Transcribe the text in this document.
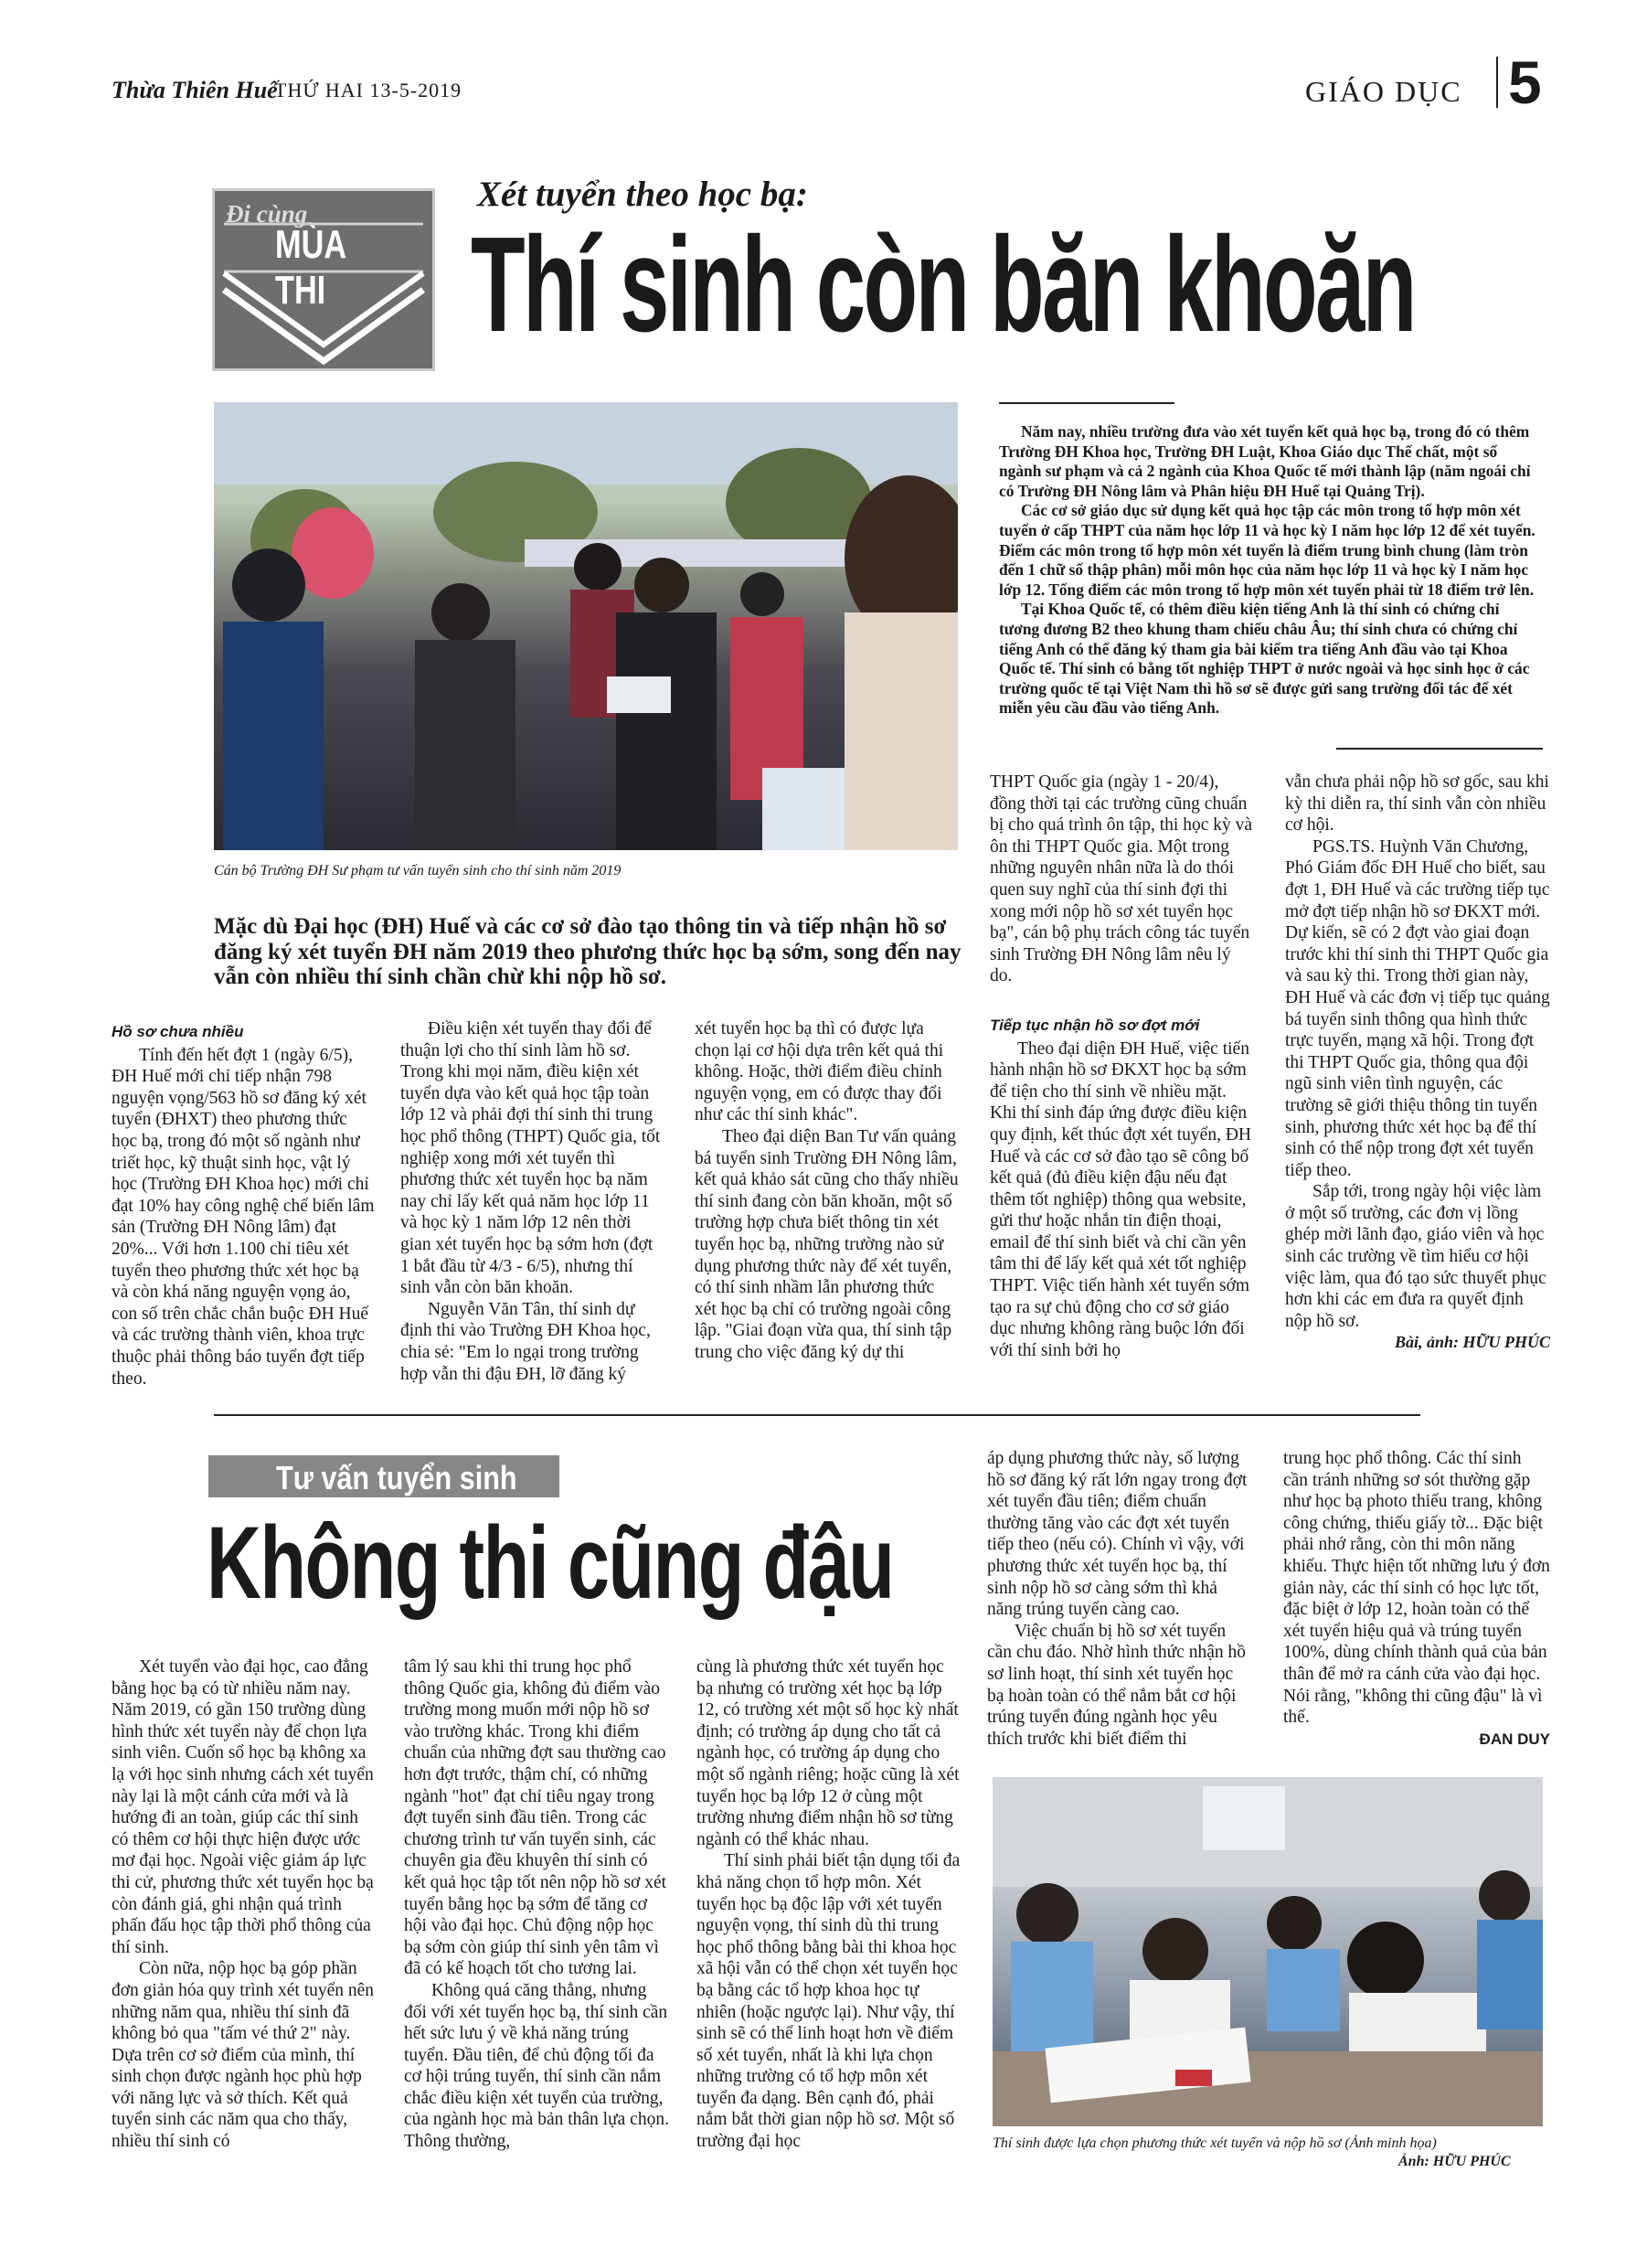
Thừa Thiên Huế
THỨ HAI 13-5-2019	GIÁO DỤC 5
Đi cùng
MÙA THI
Xét tuyển theo học bạ:
Thí sinh còn băn khoăn
Cán bộ Trường ĐH Sư phạm tư vấn tuyển sinh cho thí sinh năm 2019

Năm nay, nhiều trường đưa vào xét tuyển kết quả học bạ, trong đó có thêm Trường ĐH Khoa học, Trường ĐH Luật, Khoa Giáo dục Thể chất, một số ngành sư phạm và cả 2 ngành của Khoa Quốc tế mới thành lập (năm ngoái chỉ có Trường ĐH Nông lâm và Phân hiệu ĐH Huế tại Quảng Trị).

Các cơ sở giáo dục sử dụng kết quả học tập các môn trong tổ hợp môn xét tuyển ở cấp THPT của năm học lớp 11 và học kỳ I năm học lớp 12 để xét tuyển. Điểm các môn trong tổ hợp môn xét tuyển là điểm trung bình chung (làm tròn đến 1 chữ số thập phân) mỗi môn học của năm học lớp 11 và học kỳ I năm học lớp 12. Tổng điểm các môn trong tổ hợp môn xét tuyển phải từ 18 điểm trở lên.

Tại Khoa Quốc tế, có thêm điều kiện tiếng Anh là thí sinh có chứng chỉ tương đương B2 theo khung tham chiếu châu Âu; thí sinh chưa có chứng chỉ tiếng Anh có thể đăng ký tham gia bài kiểm tra tiếng Anh đầu vào tại Khoa Quốc tế. Thí sinh có bằng tốt nghiệp THPT ở nước ngoài và học sinh học ở các trường quốc tế tại Việt Nam thì hồ sơ sẽ được gửi sang trường đối tác để xét miễn yêu cầu đầu vào tiếng Anh.

Mặc dù Đại học (ĐH) Huế và các cơ sở đào tạo thông tin và tiếp nhận hồ sơ đăng ký xét tuyển ĐH năm 2019 theo phương thức học bạ sớm, song đến nay vẫn còn nhiều thí sinh chần chừ khi nộp hồ sơ.
Hồ sơ chưa nhiều

Tính đến hết đợt 1 (ngày 6/5), ĐH Huế mới chỉ tiếp nhận 798 nguyện vọng/563 hồ sơ đăng ký xét tuyển (ĐHXT) theo phương thức học bạ, trong đó một số ngành như triết học, kỹ thuật sinh học, vật lý học (Trường ĐH Khoa học) mới chỉ đạt 10% hay công nghệ chế biến lâm sản (Trường ĐH Nông lâm) đạt 20%... Với hơn 1.100 chỉ tiêu xét tuyển theo phương thức xét học bạ và còn khá năng nguyện vọng ảo, con số trên chắc chắn buộc ĐH Huế và các trường thành viên, khoa trực thuộc phải thông báo tuyển đợt tiếp theo.

Điều kiện xét tuyển thay đổi để thuận lợi cho thí sinh làm hồ sơ. Trong khi mọi năm, điều kiện xét tuyển dựa vào kết quả học tập toàn lớp 12 và phải đợi thí sinh thi trung học phổ thông (THPT) Quốc gia, tốt nghiệp xong mới xét tuyển thì phương thức xét tuyển học bạ năm nay chỉ lấy kết quả năm học lớp 11 và học kỳ 1 năm lớp 12 nên thời gian xét tuyển học bạ sớm hơn (đợt 1 bắt đầu từ 4/3 - 6/5), nhưng thí sinh vẫn còn băn khoăn.

Nguyễn Văn Tân, thí sinh dự định thi vào Trường ĐH Khoa học, chia sẻ: "Em lo ngại trong trường hợp vẫn thi đậu ĐH, lỡ đăng ký

xét tuyển học bạ thì có được lựa chọn lại cơ hội dựa trên kết quả thi không. Hoặc, thời điểm điều chỉnh nguyện vọng, em có được thay đổi như các thí sinh khác".

Theo đại diện Ban Tư vấn quảng bá tuyển sinh Trường ĐH Nông lâm, kết quả khảo sát cũng cho thấy nhiều thí sinh đang còn băn khoăn, một số trường hợp chưa biết thông tin xét tuyển học bạ, những trường nào sử dụng phương thức này để xét tuyển, có thí sinh nhầm lẫn phương thức xét học bạ chỉ có trường ngoài công lập. "Giai đoạn vừa qua, thí sinh tập trung cho việc đăng ký dự thi

THPT Quốc gia (ngày 1 - 20/4), đồng thời tại các trường cũng chuẩn bị cho quá trình ôn tập, thi học kỳ và ôn thi THPT Quốc gia. Một trong những nguyên nhân nữa là do thói quen suy nghĩ của thí sinh đợi thi xong mới nộp hồ sơ xét tuyển học bạ", cán bộ phụ trách công tác tuyển sinh Trường ĐH Nông lâm nêu lý do.

Tiếp tục nhận hồ sơ đợt mới

Theo đại diện ĐH Huế, việc tiến hành nhận hồ sơ ĐKXT học bạ sớm để tiện cho thí sinh về nhiều mặt. Khi thí sinh đáp ứng được điều kiện quy định, kết thúc đợt xét tuyển, ĐH Huế và các cơ sở đào tạo sẽ công bố kết quả (đủ điều kiện đậu nếu đạt thêm tốt nghiệp) thông qua website, gửi thư hoặc nhắn tin điện thoại, email để thí sinh biết và chỉ cần yên tâm thi để lấy kết quả xét tốt nghiệp THPT. Việc tiến hành xét tuyển sớm tạo ra sự chủ động cho cơ sở giáo dục nhưng không ràng buộc lớn đối với thí sinh bởi họ

vẫn chưa phải nộp hồ sơ gốc, sau khi kỳ thi diễn ra, thí sinh vẫn còn nhiều cơ hội.

PGS.TS. Huỳnh Văn Chương, Phó Giám đốc ĐH Huế cho biết, sau đợt 1, ĐH Huế và các trường tiếp tục mở đợt tiếp nhận hồ sơ ĐKXT mới. Dự kiến, sẽ có 2 đợt vào giai đoạn trước khi thí sinh thi THPT Quốc gia và sau kỳ thi. Trong thời gian này, ĐH Huế và các đơn vị tiếp tục quảng bá tuyển sinh thông qua hình thức trực tuyến, mạng xã hội. Trong đợt thi THPT Quốc gia, thông qua đội ngũ sinh viên tình nguyện, các trường sẽ giới thiệu thông tin tuyển sinh, phương thức xét học bạ để thí sinh có thể nộp trong đợt xét tuyển tiếp theo.

Sắp tới, trong ngày hội việc làm ở một số trường, các đơn vị lồng ghép mời lãnh đạo, giáo viên và học sinh các trường về tìm hiểu cơ hội việc làm, qua đó tạo sức thuyết phục hơn khi các em đưa ra quyết định nộp hồ sơ.

Bài, ảnh: HỮU PHÚC
Tư vấn tuyển sinh
Không thi cũng đậu

Xét tuyển vào đại học, cao đẳng bằng học bạ có từ nhiều năm nay. Năm 2019, có gần 150 trường dùng hình thức xét tuyển này để chọn lựa sinh viên. Cuốn sổ học bạ không xa lạ với học sinh nhưng cách xét tuyển này lại là một cánh cửa mới và là hướng đi an toàn, giúp các thí sinh có thêm cơ hội thực hiện được ước mơ đại học. Ngoài việc giảm áp lực thi cử, phương thức xét tuyển học bạ còn đánh giá, ghi nhận quá trình phấn đấu học tập thời phổ thông của thí sinh.

Còn nữa, nộp học bạ góp phần đơn giản hóa quy trình xét tuyển nên những năm qua, nhiều thí sinh đã không bỏ qua "tấm vé thứ 2" này. Dựa trên cơ sở điểm của mình, thí sinh chọn được ngành học phù hợp với năng lực và sở thích. Kết quả tuyển sinh các năm qua cho thấy, nhiều thí sinh có

tâm lý sau khi thi trung học phổ thông Quốc gia, không đủ điểm vào trường mong muốn mới nộp hồ sơ vào trường khác. Trong khi điểm chuẩn của những đợt sau thường cao hơn đợt trước, thậm chí, có những ngành "hot" đạt chỉ tiêu ngay trong đợt tuyển sinh đầu tiên. Trong các chương trình tư vấn tuyển sinh, các chuyên gia đều khuyên thí sinh có kết quả học tập tốt nên nộp hồ sơ xét tuyển bằng học bạ sớm để tăng cơ hội vào đại học. Chủ động nộp học bạ sớm còn giúp thí sinh yên tâm vì đã có kế hoạch tốt cho tương lai.

Không quá căng thẳng, nhưng đối với xét tuyển học bạ, thí sinh cần hết sức lưu ý về khả năng trúng tuyển. Đầu tiên, để chủ động tối đa cơ hội trúng tuyển, thí sinh cần nắm chắc điều kiện xét tuyển của trường, của ngành học mà bản thân lựa chọn. Thông thường,

cùng là phương thức xét tuyển học bạ nhưng có trường xét học bạ lớp 12, có trường xét một số học kỳ nhất định; có trường áp dụng cho tất cả ngành học, có trường áp dụng cho một số ngành riêng; hoặc cũng là xét tuyển học bạ lớp 12 ở cùng một trường nhưng điểm nhận hồ sơ từng ngành có thể khác nhau.

Thí sinh phải biết tận dụng tối đa khả năng chọn tổ hợp môn. Xét tuyển học bạ độc lập với xét tuyển nguyện vọng, thí sinh dù thi trung học phổ thông bằng bài thi khoa học xã hội vẫn có thể chọn xét tuyển học bạ bằng các tổ hợp khoa học tự nhiên (hoặc ngược lại). Như vậy, thí sinh sẽ có thể linh hoạt hơn về điểm số xét tuyển, nhất là khi lựa chọn những trường có tổ hợp môn xét tuyển đa dạng. Bên cạnh đó, phải nắm bắt thời gian nộp hồ sơ. Một số trường đại học

áp dụng phương thức này, số lượng hồ sơ đăng ký rất lớn ngay trong đợt xét tuyển đầu tiên; điểm chuẩn thường tăng vào các đợt xét tuyển tiếp theo (nếu có). Chính vì vậy, với phương thức xét tuyển học bạ, thí sinh nộp hồ sơ càng sớm thì khả năng trúng tuyển càng cao.

Việc chuẩn bị hồ sơ xét tuyển cần chu đáo. Nhờ hình thức nhận hồ sơ linh hoạt, thí sinh xét tuyển học bạ hoàn toàn có thể nắm bắt cơ hội trúng tuyển đúng ngành học yêu thích trước khi biết điểm thi

trung học phổ thông. Các thí sinh cần tránh những sơ sót thường gặp như học bạ photo thiếu trang, không công chứng, thiếu giấy tờ... Đặc biệt phải nhớ rằng, còn thi môn năng khiếu. Thực hiện tốt những lưu ý đơn giản này, các thí sinh có học lực tốt, đặc biệt ở lớp 12, hoàn toàn có thể xét tuyển hiệu quả và trúng tuyển 100%, dùng chính thành quả của bản thân để mở ra cánh cửa vào đại học. Nói rằng, "không thi cũng đậu" là vì thế.

ĐAN DUY
Thí sinh được lựa chọn phương thức xét tuyển và nộp hồ sơ (Ảnh minh họa)
Ảnh: HỮU PHÚC
